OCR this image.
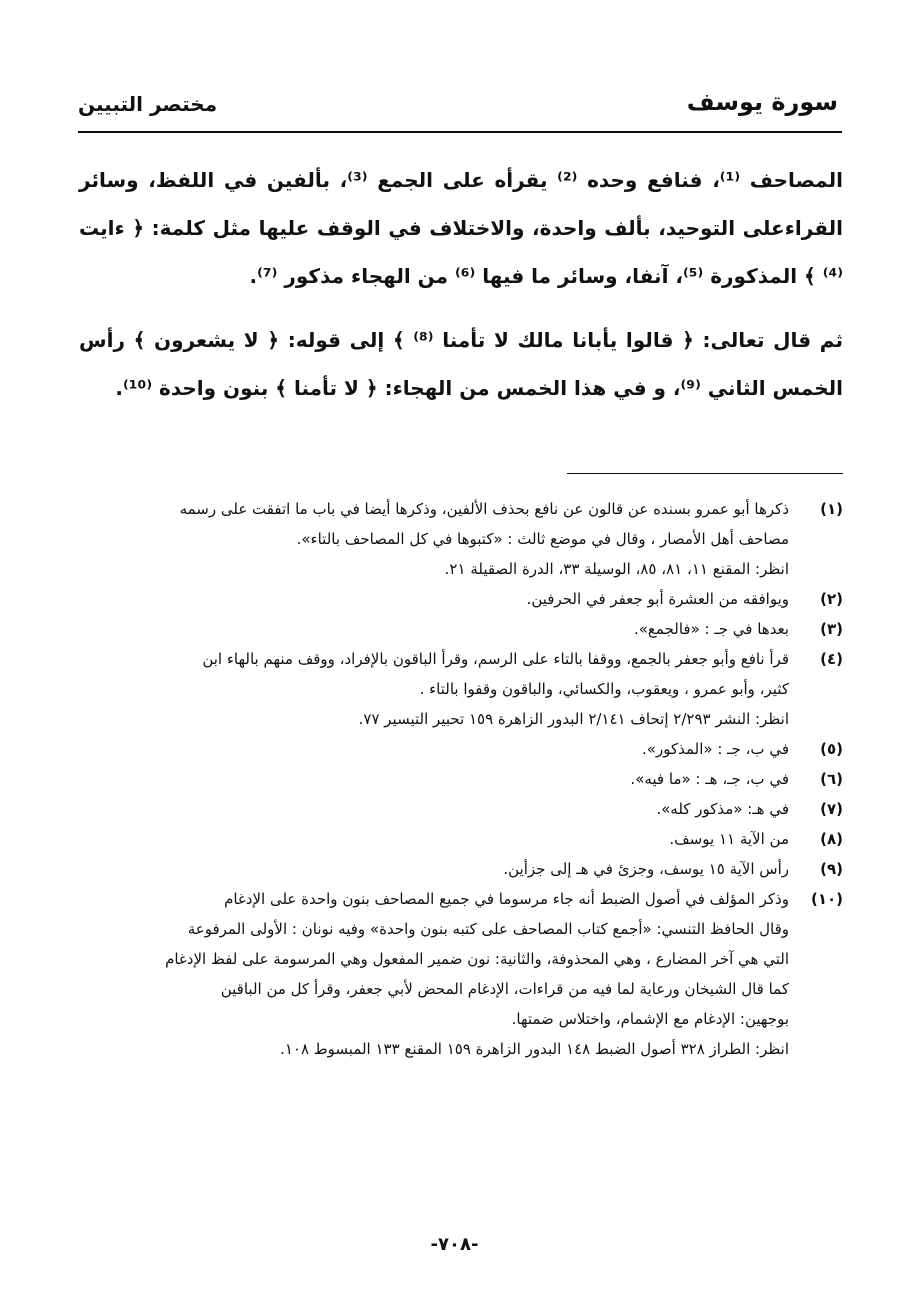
سورة يوسف
مختصر التبيين

المصاحف ⁽¹⁾، فنافع وحده ⁽²⁾ يقرأه على الجمع ⁽³⁾، بألفين في اللفظ، وسائر القراءعلى التوحيد، بألف واحدة، والاختلاف في الوقف عليها مثل كلمة: ﴿ ءايت ⁽⁴⁾ ﴾ المذكورة ⁽⁵⁾، آنفا، وسائر ما فيها ⁽⁶⁾ من الهجاء مذكور ⁽⁷⁾.

ثم قال تعالى: ﴿ قالوا يأبانا مالك لا تأمنا ⁽⁸⁾ ﴾ إلى قوله: ﴿ لا يشعرون ﴾ رأس الخمس الثاني ⁽⁹⁾، و في هذا الخمس من الهجاء: ﴿ لا تأمنا ﴾ بنون واحدة ⁽¹⁰⁾.

(١)
ذكرها أبو عمرو بسنده عن قالون عن نافع بحذف الألفين، وذكرها أيضا في باب ما اتفقت على رسمه
مصاحف أهل الأمصار ، وقال في موضع ثالث : «كتبوها في كل المصاحف بالتاء».
انظر: المقنع ١١، ٨١، ٨٥، الوسيلة ٣٣، الدرة الصقيلة ٢١.
(٢)
ويوافقه من العشرة أبو جعفر في الحرفين.
(٣)
بعدها في جـ : «فالجمع».
(٤)
قرأ نافع وأبو جعفر بالجمع، ووقفا بالتاء على الرسم، وقرأ الباقون بالإفراد، ووقف منهم بالهاء ابن
كثير، وأبو عمرو ، ويعقوب، والكسائي، والباقون وقفوا بالتاء .
انظر: النشر ٢/٢٩٣ إتحاف ٢/١٤١ البدور الزاهرة ١٥٩ تحبير التيسير ٧٧.
(٥)
في ب، جـ : «المذكور».
(٦)
في ب، جـ، هـ : «ما فيه».
(٧)
في هـ: «مذكور كله».
(٨)
من الآية ١١ يوسف.
(٩)
رأس الآية ١٥ يوسف، وجزئ في هـ إلى جزأين.
(١٠)
وذكر المؤلف في أصول الضبط أنه جاء مرسوما في جميع المصاحف بنون واحدة على الإدغام
وقال الحافظ التنسي: «أجمع كتاب المصاحف على كتبه بنون واحدة» وفيه نونان : الأولى المرفوعة
التي هي آخر المضارع ، وهي المحذوفة، والثانية: نون ضمير المفعول وهي المرسومة على لفظ الإدغام
كما قال الشيخان ورعاية لما فيه من قراءات، الإدغام المحض لأبي جعفر، وقرأ كل من الباقين
بوجهين: الإدغام مع الإشمام، واختلاس ضمتها.
انظر: الطراز ٣٢٨ أصول الضبط ١٤٨ البدور الزاهرة ١٥٩ المقنع ١٣٣ المبسوط ١٠٨.
-٧٠٨-
